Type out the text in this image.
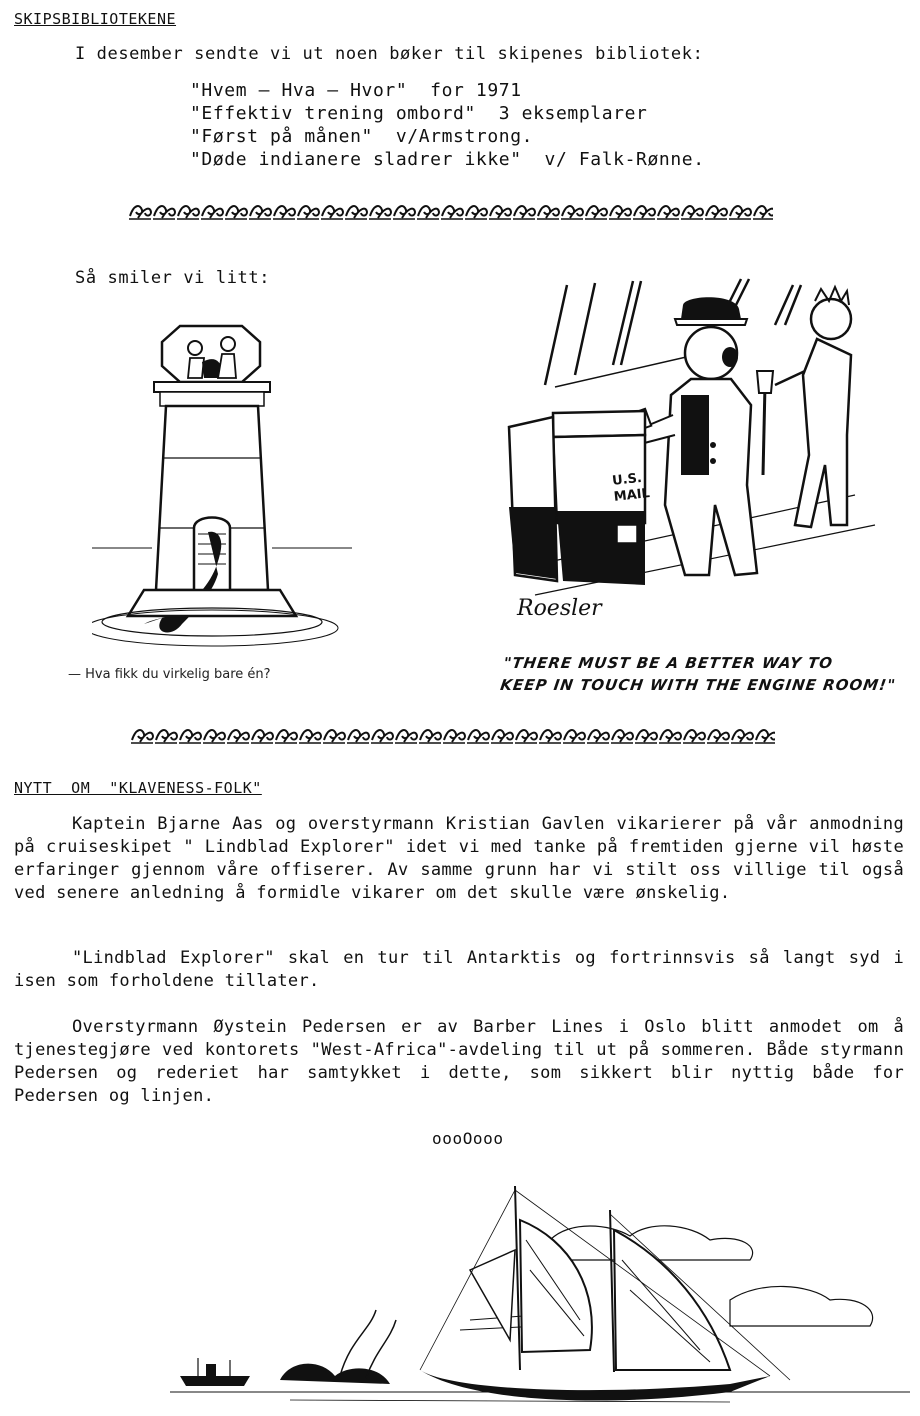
SKIPSBIBLIOTEKENE
I desember sendte vi ut noen bøker til skipenes bibliotek:
"Hvem – Hva – Hvor"  for 1971
"Effektiv trening ombord"  3 eksemplarer
"Først på månen"  v/Armstrong.
"Døde indianere sladrer ikke"  v/ Falk-Rønne.
Så smiler vi litt:
— Hva fikk du virkelig bare én?
Roesler
U.S.
MAIL
"THERE MUST BE A BETTER WAY TO
KEEP IN TOUCH WITH THE ENGINE ROOM!"
NYTT  OM  "KLAVENESS-FOLK"
Kaptein Bjarne Aas og overstyrmann Kristian Gavlen vikarierer på vår anmodning på cruiseskipet " Lindblad Explorer" idet vi med tanke på fremtiden gjerne vil høste erfaringer gjennom våre offiserer. Av samme grunn har vi stilt oss villige til også ved senere anledning å formidle vikarer om det skulle være ønskelig.
"Lindblad Explorer" skal en tur til Antarktis og fortrinnsvis så langt syd i isen som forholdene tillater.
Overstyrmann Øystein Pedersen er av Barber Lines i Oslo blitt anmodet om å tjenestegjøre ved kontorets "West-Africa"-avdeling til ut på sommeren. Både styrmann Pedersen og rederiet har samtykket i dette, som sikkert blir nyttig både for Pedersen og linjen.
oooOooo
